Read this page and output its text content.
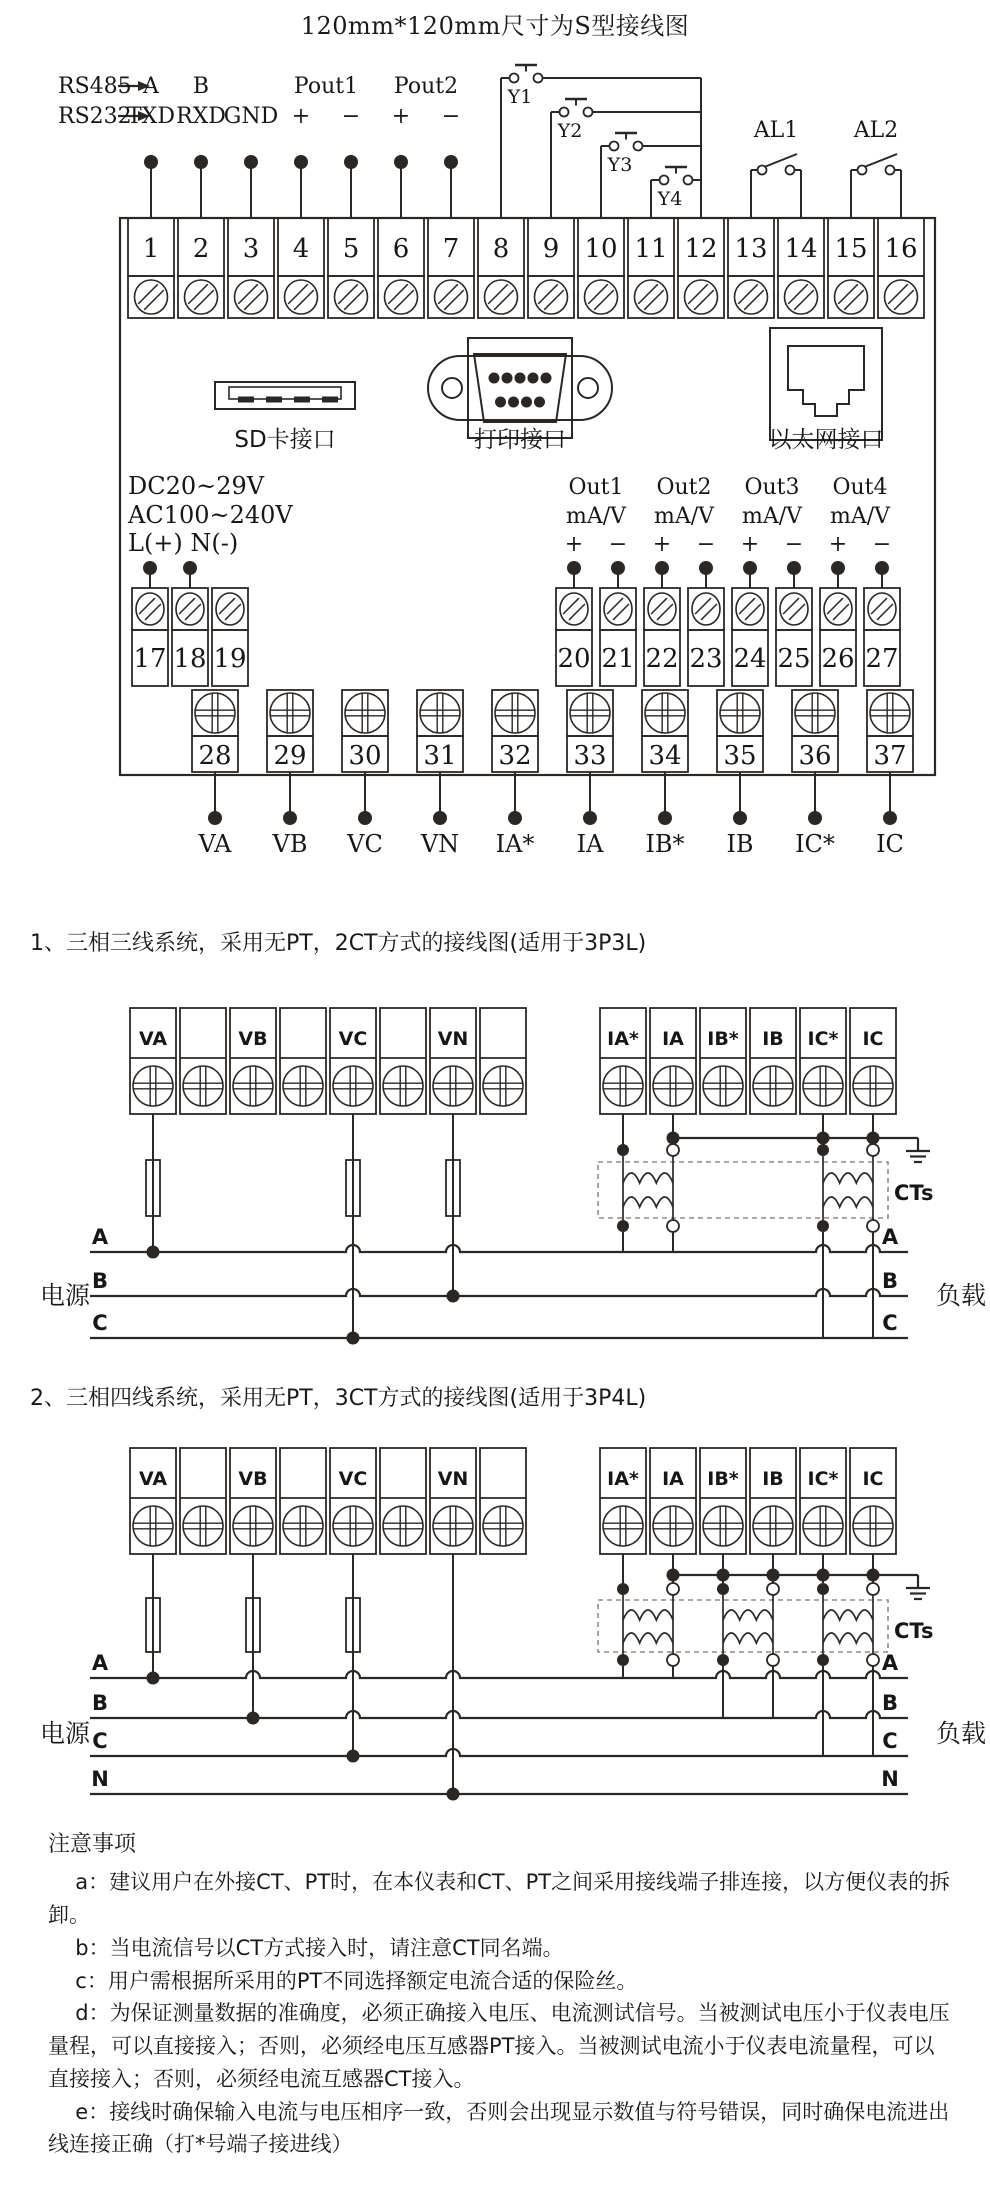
RS485
RS232
A B
TXD RXD
GND
Pout1 Pout2
+ − + −
Y1
Y2
Y3
Y4
AL1	AL2
1 2 3 4 5 6 7 8 9 10 11 12 13 14 15 16
SD卡接口	打印接口	以太网接口
DC20~29V
AC100~240V
L(+) N(-)
17 18 19
Out1
mA/V
+ −
Out2
mA/V
+ −
Out3
mA/V
+ −
Out4
mA/V
+ −
20 21 22 23 24 25 26 27
28
VA
29
VB
30
VC
31
VN
32
IA*
33
IA
34
IB*
35
IB
36
IC*
37
IC
VA	VB	VC	VN	IA* IA IB* IB IC* IC
A	A
B	B
C	C
电源	负载
CTs
VA	VB	VC	VN	IA* IA IB* IB IC* IC
A	A
B	B
C	C
N	N
电源	负载
CTs
120mm*120mm尺寸为S型接线图
1、三相三线系统，采用无PT，2CT方式的接线图(适用于3P3L)
2、三相四线系统，采用无PT，3CT方式的接线图(适用于3P4L)
注意事项

a：建议用户在外接CT、PT时，在本仪表和CT、PT之间采用接线端子排连接，以方便仪表的拆卸。

b：当电流信号以CT方式接入时，请注意CT同名端。

c：用户需根据所采用的PT不同选择额定电流合适的保险丝。

d：为保证测量数据的准确度，必须正确接入电压、电流测试信号。当被测试电压小于仪表电压量程，可以直接接入；否则，必须经电压互感器PT接入。当被测试电流小于仪表电流量程，可以直接接入；否则，必须经电流互感器CT接入。

e：接线时确保输入电流与电压相序一致，否则会出现显示数值与符号错误，同时确保电流进出线连接正确（打*号端子接进线）
